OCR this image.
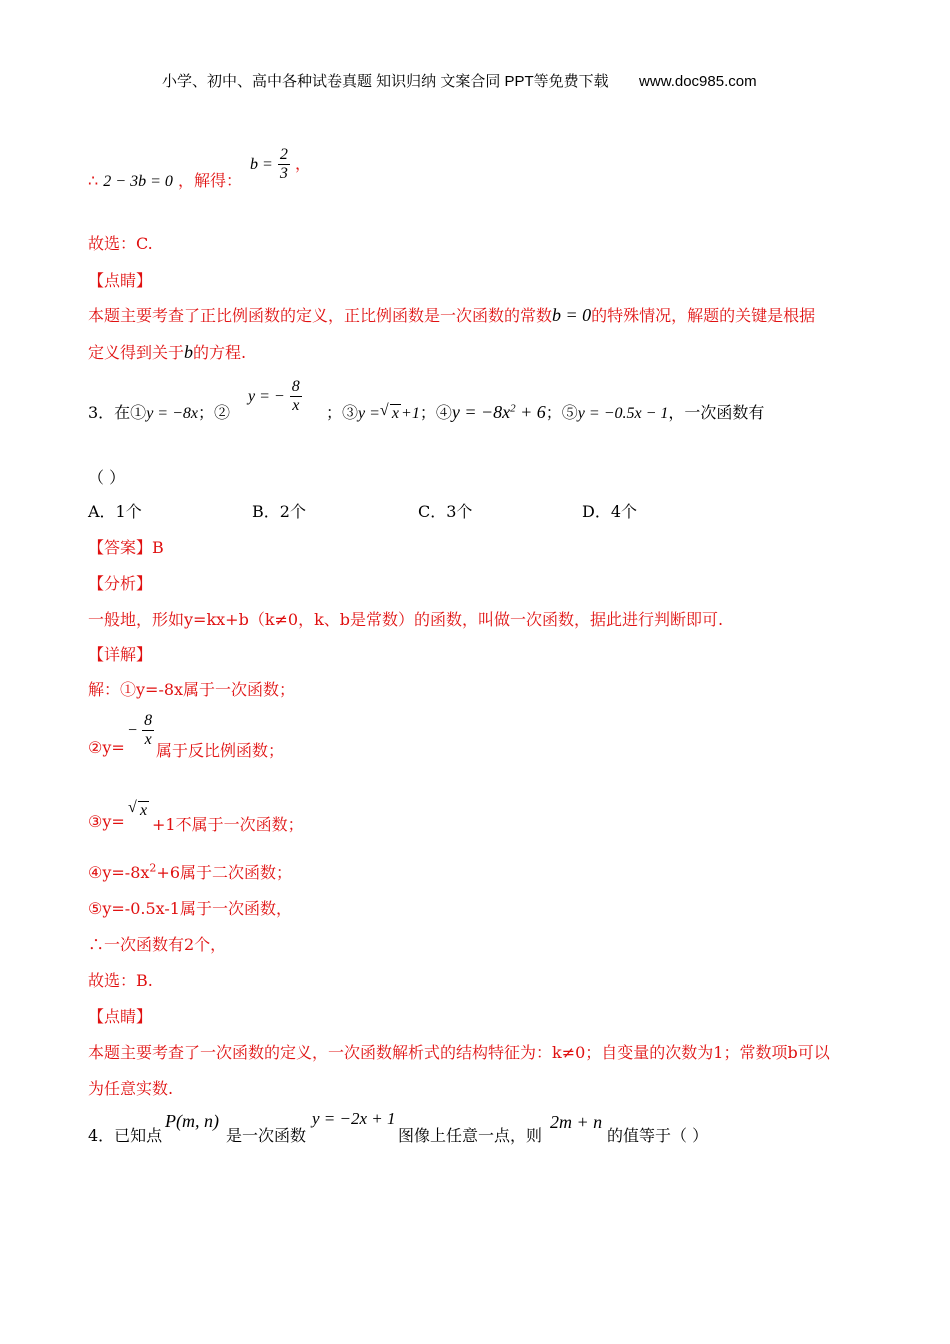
小学、初中、高中各种试卷真题 知识归纳 文案合同 PPT等免费下载 www.doc985.com
∴ 2 − 3b = 0 ，解得：
$b = \frac{2}{3}$ ，
故选：C.
【点睛】
本题主要考查了正比例函数的定义，正比例函数是一次函数的常数b = 0的特殊情况，解题的关键是根据
定义得到关于b的方程.
3．在①y = −8x；②
y = − $\frac{8}{x}$ ；③y = √ x +1；④y = $-8x^2 + 6$；⑤y = −0.5x − 1，一次函数有
（ ）
A．1个	B．2个	C．3个	D．4个
【答案】B
【分析】
一般地，形如y=kx+b（k≠0，k、b是常数）的函数，叫做一次函数，据此进行判断即可.
【详解】
解：①y=-8x属于一次函数；
②y=
− $\frac{8}{x}$
属于反比例函数；
③y=
√ x
+1不属于一次函数；
$④y=-8x^2+6$属于二次函数；
⑤y=-0.5x-1属于一次函数，
∴一次函数有2个，
故选：B.
【点睛】
本题主要考查了一次函数的定义，一次函数解析式的结构特征为：k≠0；自变量的次数为1；常数项b可以
为任意实数.
4．已知点
P(m, n)
是一次函数
y = −2x + 1
图像上任意一点，则
2m + n
的值等于（ ）
